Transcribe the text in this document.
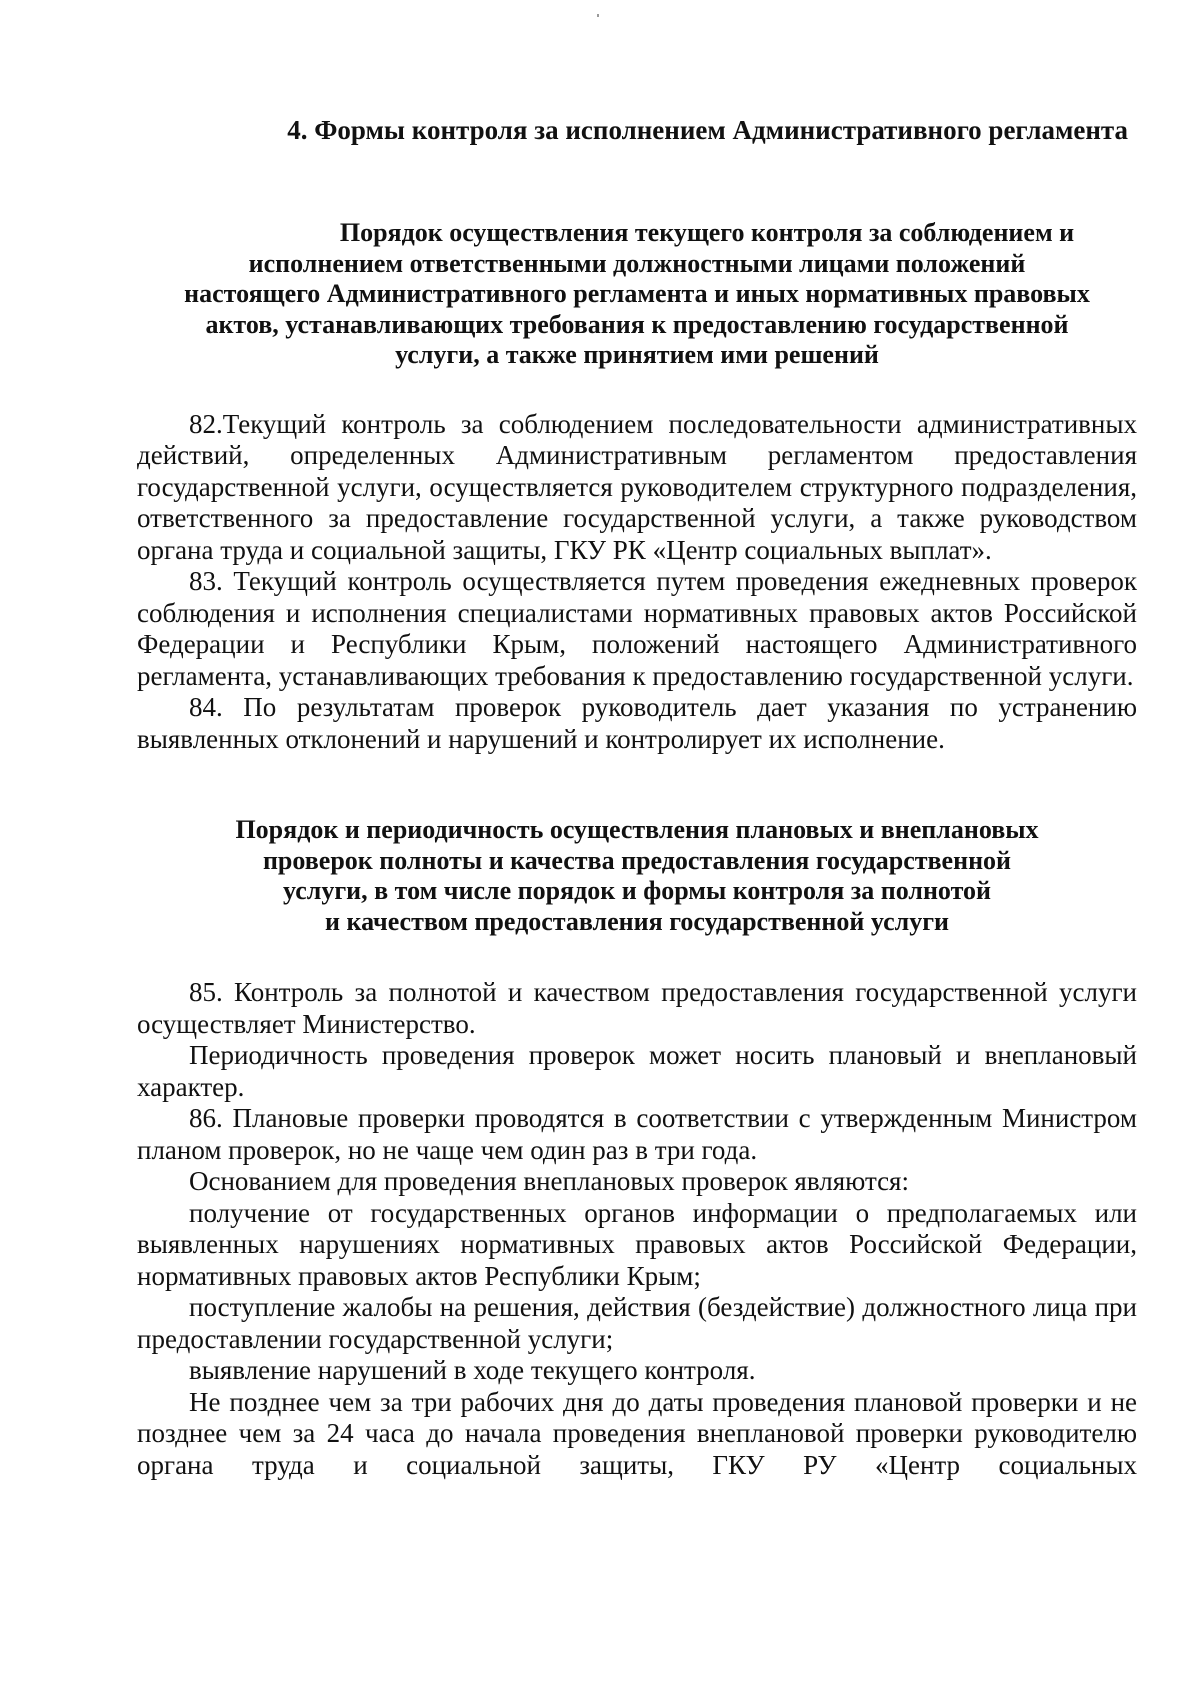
4. Формы контроля за исполнением Административного регламента
Порядок осуществления текущего контроля за соблюдением и
исполнением ответственными должностными лицами положений
настоящего Административного регламента и иных нормативных правовых
актов, устанавливающих требования к предоставлению государственной
услуги, а также принятием ими решений

82.Текущий контроль за соблюдением последовательности административных действий, определенных Административным регламентом предоставления государственной услуги, осуществляется руководителем структурного подразделения, ответственного за предоставление государственной услуги, а также руководством органа труда и социальной защиты, ГКУ РК «Центр социальных выплат».

83. Текущий контроль осуществляется путем проведения ежедневных проверок соблюдения и исполнения специалистами нормативных правовых актов Российской Федерации и Республики Крым, положений настоящего Административного регламента, устанавливающих требования к предоставлению государственной услуги.

84. По результатам проверок руководитель дает указания по устранению выявленных отклонений и нарушений и контролирует их исполнение.

Порядок и периодичность осуществления плановых и внеплановых
проверок полноты и качества предоставления государственной
услуги, в том числе порядок и формы контроля за полнотой
и качеством предоставления государственной услуги

85. Контроль за полнотой и качеством предоставления государственной услуги осуществляет Министерство.

Периодичность проведения проверок может носить плановый и внеплановый характер.

86. Плановые проверки проводятся в соответствии с утвержденным Министром планом проверок, но не чаще чем один раз в три года.

Основанием для проведения внеплановых проверок являются:

получение от государственных органов информации о предполагаемых или выявленных нарушениях нормативных правовых актов Российской Федерации, нормативных правовых актов Республики Крым;

поступление жалобы на решения, действия (бездействие) должностного лица при предоставлении государственной услуги;

выявление нарушений в ходе текущего контроля.

Не позднее чем за три рабочих дня до даты проведения плановой проверки и не позднее чем за 24 часа до начала проведения внеплановой проверки руководителю органа труда и социальной защиты, ГКУ РУ «Центр социальных
